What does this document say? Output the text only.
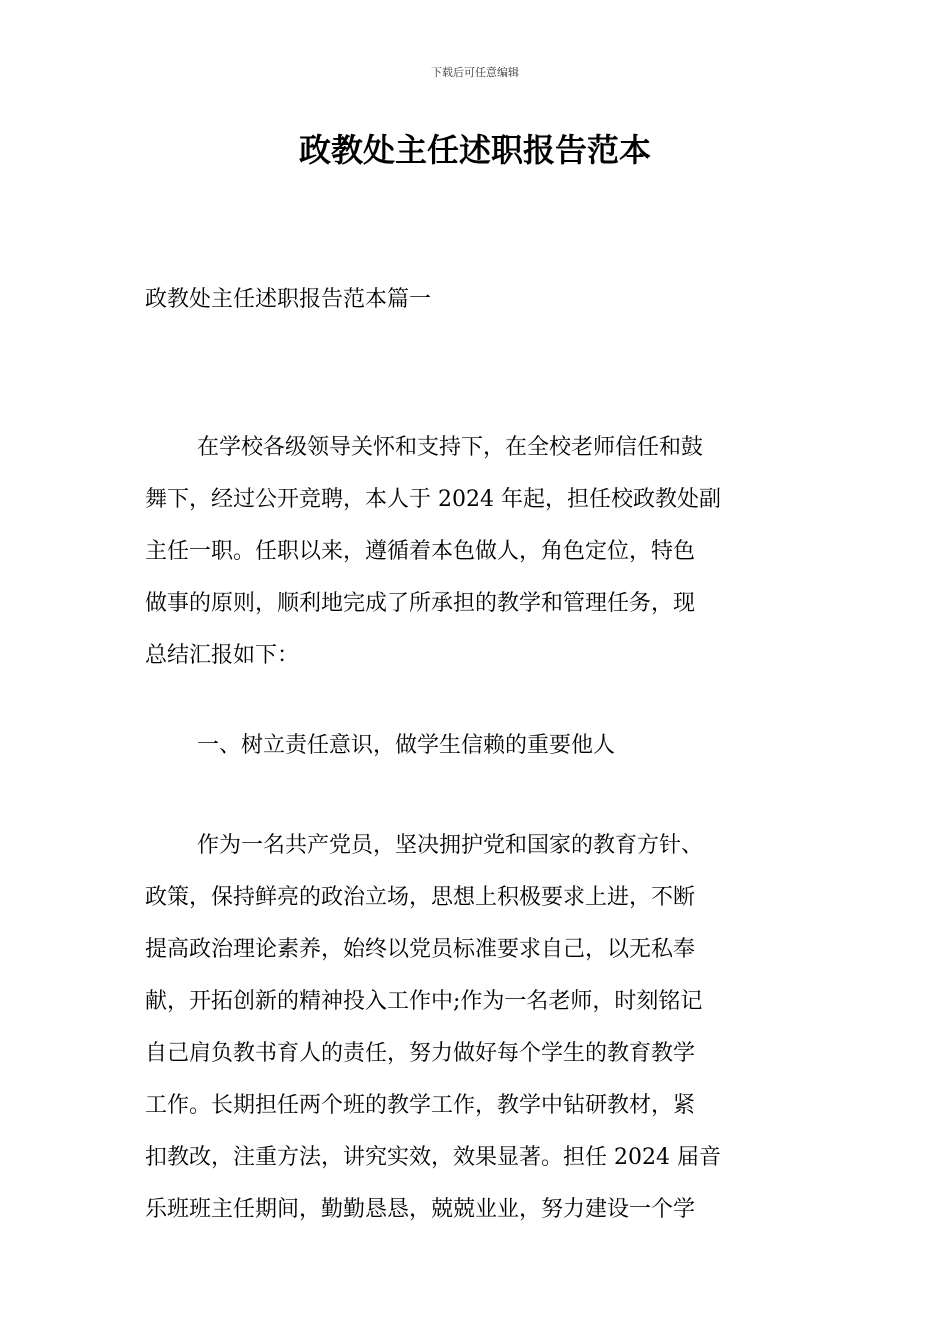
下载后可任意编辑
政教处主任述职报告范本
政教处主任述职报告范本篇一
在学校各级领导关怀和支持下，在全校老师信任和鼓
舞下，经过公开竞聘，本人于 2024 年起，担任校政教处副
主任一职。任职以来，遵循着本色做人，角色定位，特色
做事的原则，顺利地完成了所承担的教学和管理任务，现
总结汇报如下：
一、树立责任意识，做学生信赖的重要他人
作为一名共产党员，坚决拥护党和国家的教育方针、
政策，保持鲜亮的政治立场，思想上积极要求上进，不断
提高政治理论素养，始终以党员标准要求自己，以无私奉
献，开拓创新的精神投入工作中;作为一名老师，时刻铭记
自己肩负教书育人的责任，努力做好每个学生的教育教学
工作。长期担任两个班的教学工作，教学中钻研教材，紧
扣教改，注重方法，讲究实效，效果显著。担任 2024 届音
乐班班主任期间，勤勤恳恳，兢兢业业，努力建设一个学
